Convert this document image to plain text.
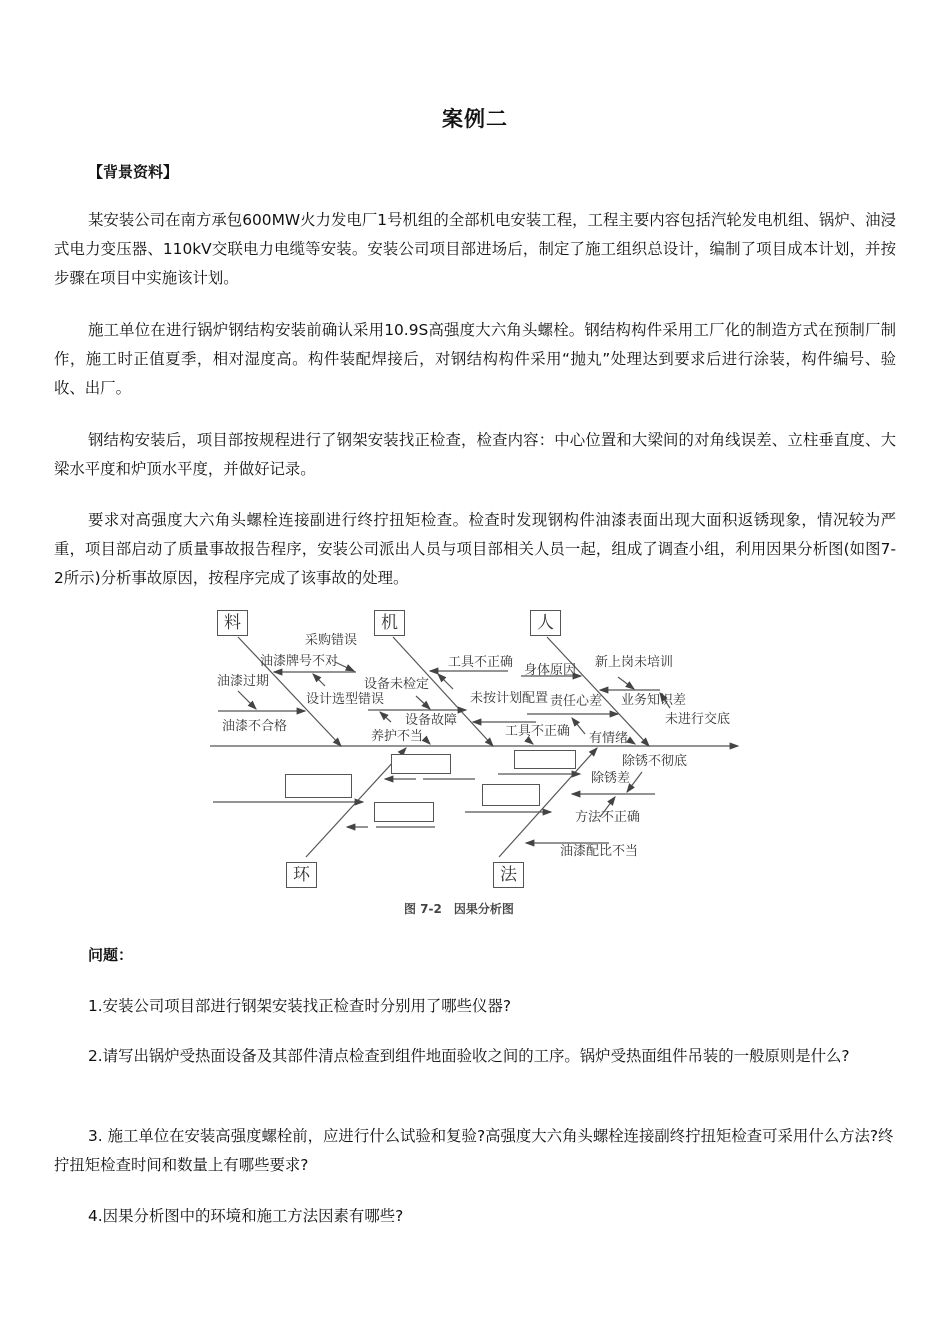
案例二
【背景资料】
某安装公司在南方承包600MW火力发电厂1号机组的全部机电安装工程，工程主要内容包括汽轮发电机组、锅炉、油浸式电力变压器、110kV交联电力电缆等安装。安装公司项目部进场后，制定了施工组织总设计，编制了项目成本计划，并按步骤在项目中实施该计划。
施工单位在进行锅炉钢结构安装前确认采用10.9S高强度大六角头螺栓。钢结构构件采用工厂化的制造方式在预制厂制作，施工时正值夏季，相对湿度高。构件装配焊接后，对钢结构构件采用“抛丸”处理达到要求后进行涂装，构件编号、验收、出厂。
钢结构安装后，项目部按规程进行了钢架安装找正检查，检查内容：中心位置和大梁间的对角线误差、立柱垂直度、大梁水平度和炉顶水平度，并做好记录。
要求对高强度大六角头螺栓连接副进行终拧扭矩检查。检查时发现钢构件油漆表面出现大面积返锈现象，情况较为严重，项目部启动了质量事故报告程序，安装公司派出人员与项目部相关人员一起，组成了调查小组，利用因果分析图(如图7-2所示)分析事故原因，按程序完成了该事故的处理。
料	机	人
环	法
采购错误
油漆牌号不对
油漆过期
设计选型错误
油漆不合格
工具不正确
设备未检定
未按计划配置
设备故障
养护不当	工具不正确
身体原因
新上岗未培训
业务知识差
责任心差
未进行交底
有情绪
除锈不彻底
除锈差
方法不正确
油漆配比不当
图 7-2　因果分析图
问题：
1.安装公司项目部进行钢架安装找正检查时分别用了哪些仪器?
2.请写出锅炉受热面设备及其部件清点检查到组件地面验收之间的工序。锅炉受热面组件吊装的一般原则是什么?
3. 施工单位在安装高强度螺栓前，应进行什么试验和复验?高强度大六角头螺栓连接副终拧扭矩检查可采用什么方法?终拧扭矩检查时间和数量上有哪些要求?
4.因果分析图中的环境和施工方法因素有哪些?
